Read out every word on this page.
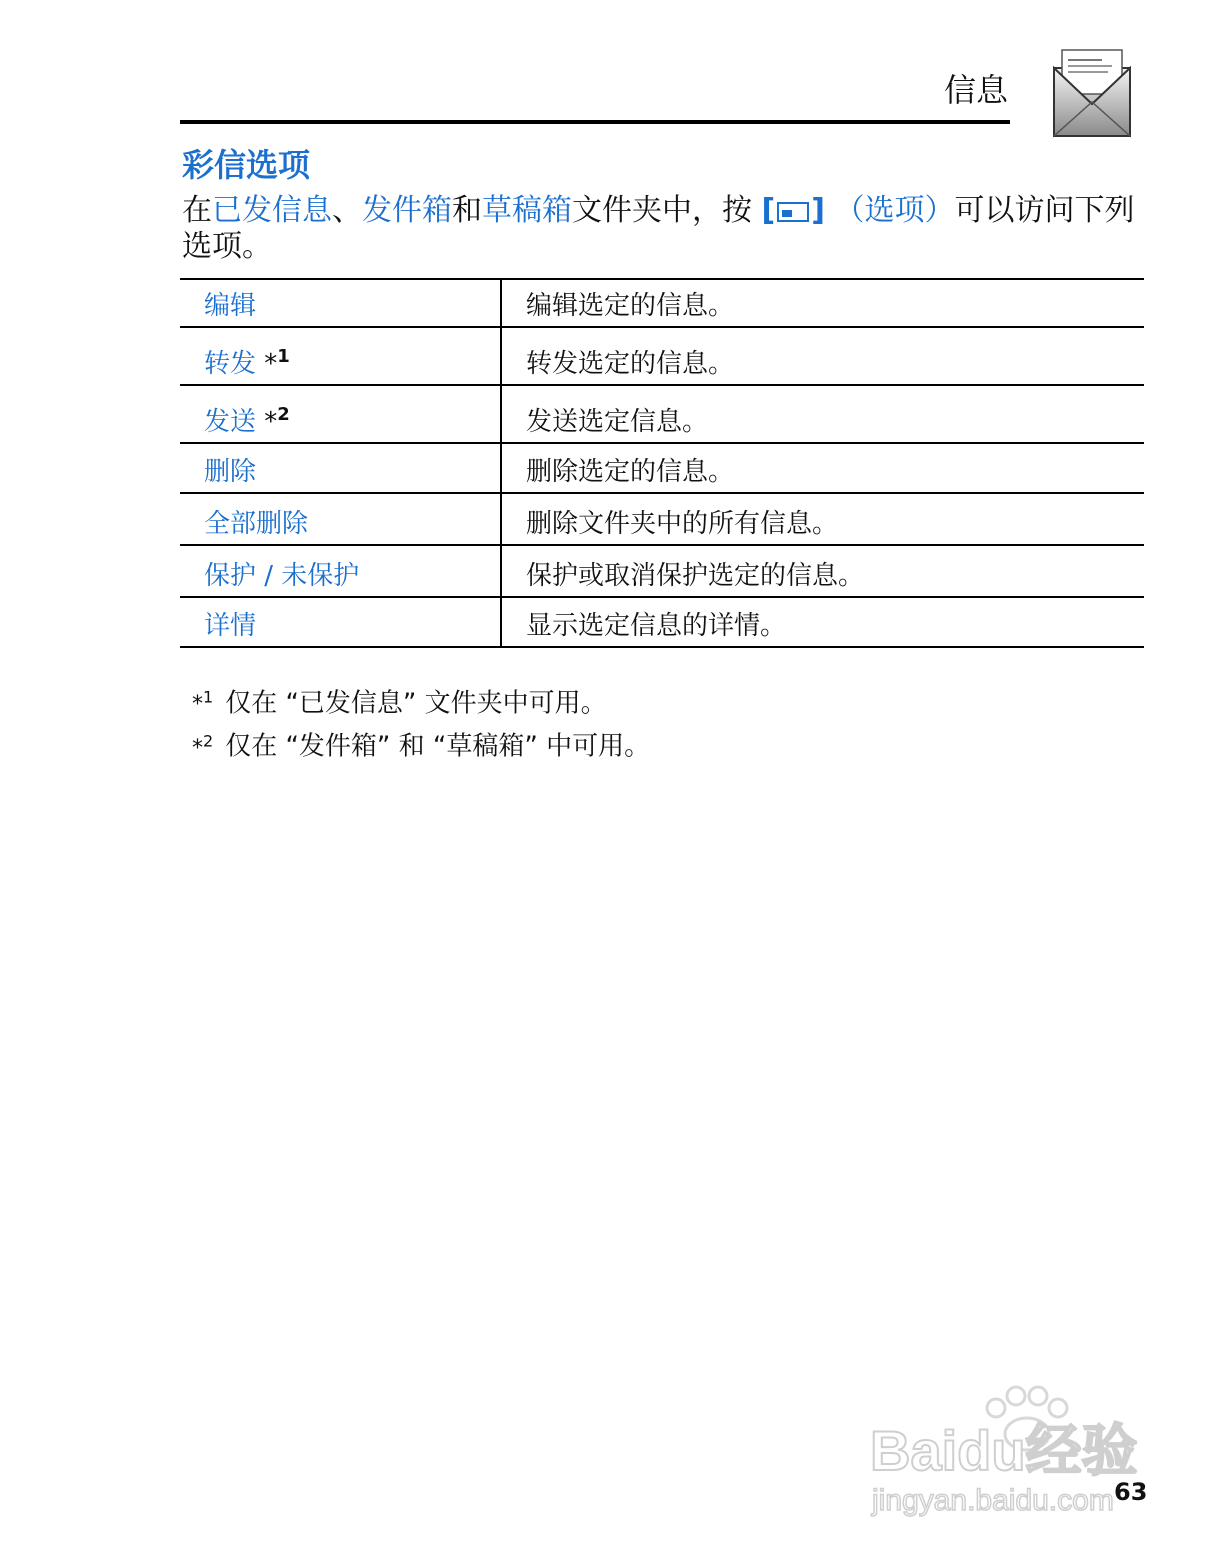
信息
彩信选项
在已发信息、发件箱和草稿箱文件夹中，按 [ ] （选项）可以访问下列选项。
编辑	编辑选定的信息。
转发 *$^1$	转发选定的信息。
发送 *$^2$	发送选定信息。
删除	删除选定的信息。
全部删除	删除文件夹中的所有信息。
保护 / 未保护	保护或取消保护选定的信息。
详情	显示选定信息的详情。
*$^1$ 仅在 “已发信息” 文件夹中可用。
*$^2$ 仅在 “发件箱” 和 “草稿箱” 中可用。
Baidu经验
jingyan.baidu.com 63
